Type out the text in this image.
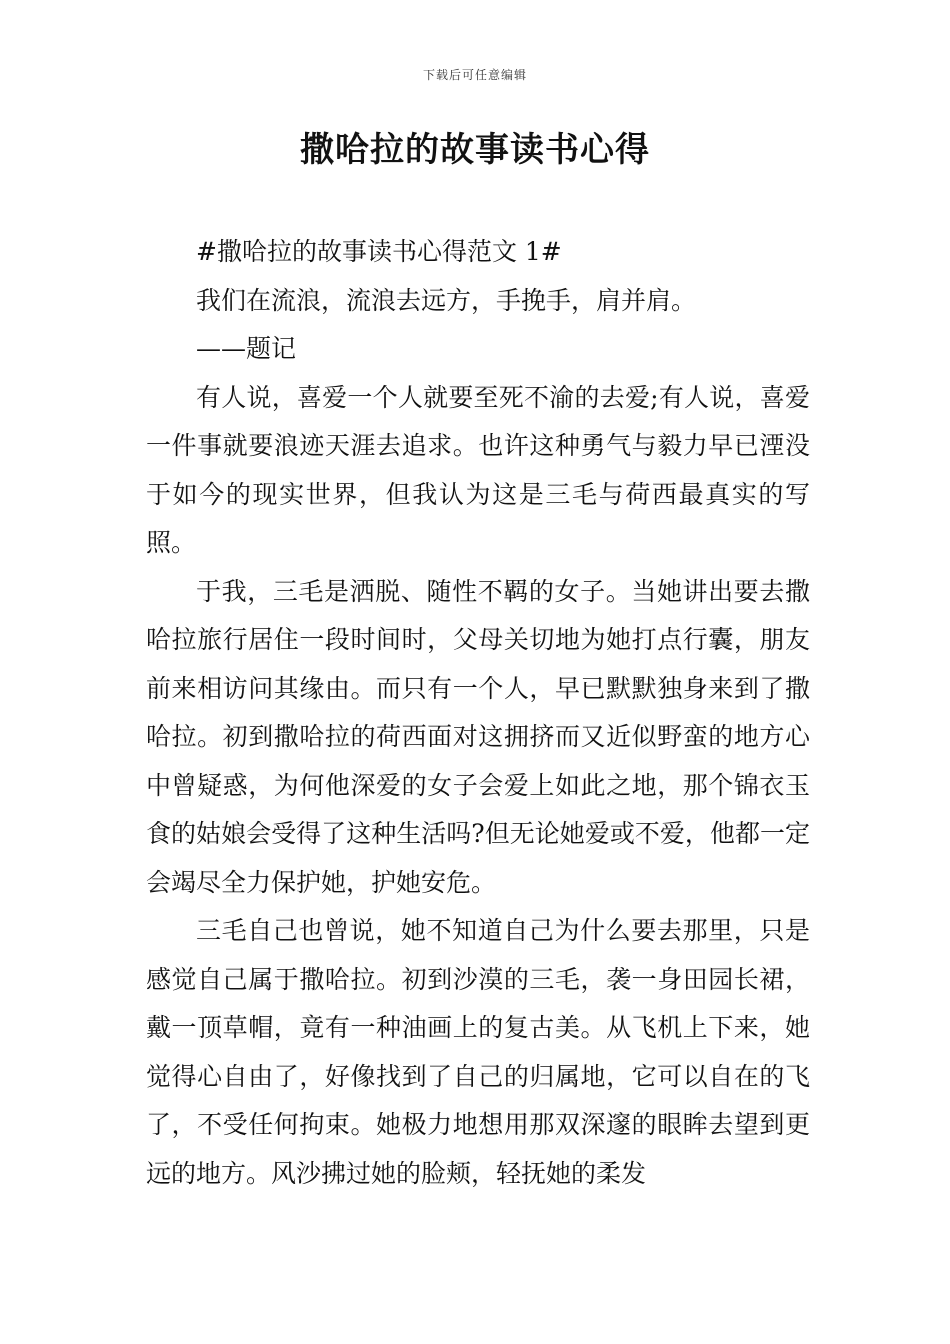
下载后可任意编辑
撒哈拉的故事读书心得

#撒哈拉的故事读书心得范文 1#

我们在流浪，流浪去远方，手挽手，肩并肩。

——题记

有人说，喜爱一个人就要至死不渝的去爱;有人说，喜爱一件事就要浪迹天涯去追求。也许这种勇气与毅力早已湮没于如今的现实世界，但我认为这是三毛与荷西最真实的写照。

于我，三毛是洒脱、随性不羁的女子。当她讲出要去撒哈拉旅行居住一段时间时，父母关切地为她打点行囊，朋友前来相访问其缘由。而只有一个人，早已默默独身来到了撒哈拉。初到撒哈拉的荷西面对这拥挤而又近似野蛮的地方心中曾疑惑，为何他深爱的女子会爱上如此之地，那个锦衣玉食的姑娘会受得了这种生活吗?但无论她爱或不爱，他都一定会竭尽全力保护她，护她安危。

三毛自己也曾说，她不知道自己为什么要去那里，只是感觉自己属于撒哈拉。初到沙漠的三毛，袭一身田园长裙，戴一顶草帽，竟有一种油画上的复古美。从飞机上下来，她觉得心自由了，好像找到了自己的归属地，它可以自在的飞了，不受任何拘束。她极力地想用那双深邃的眼眸去望到更远的地方。风沙拂过她的脸颊，轻抚她的柔发
